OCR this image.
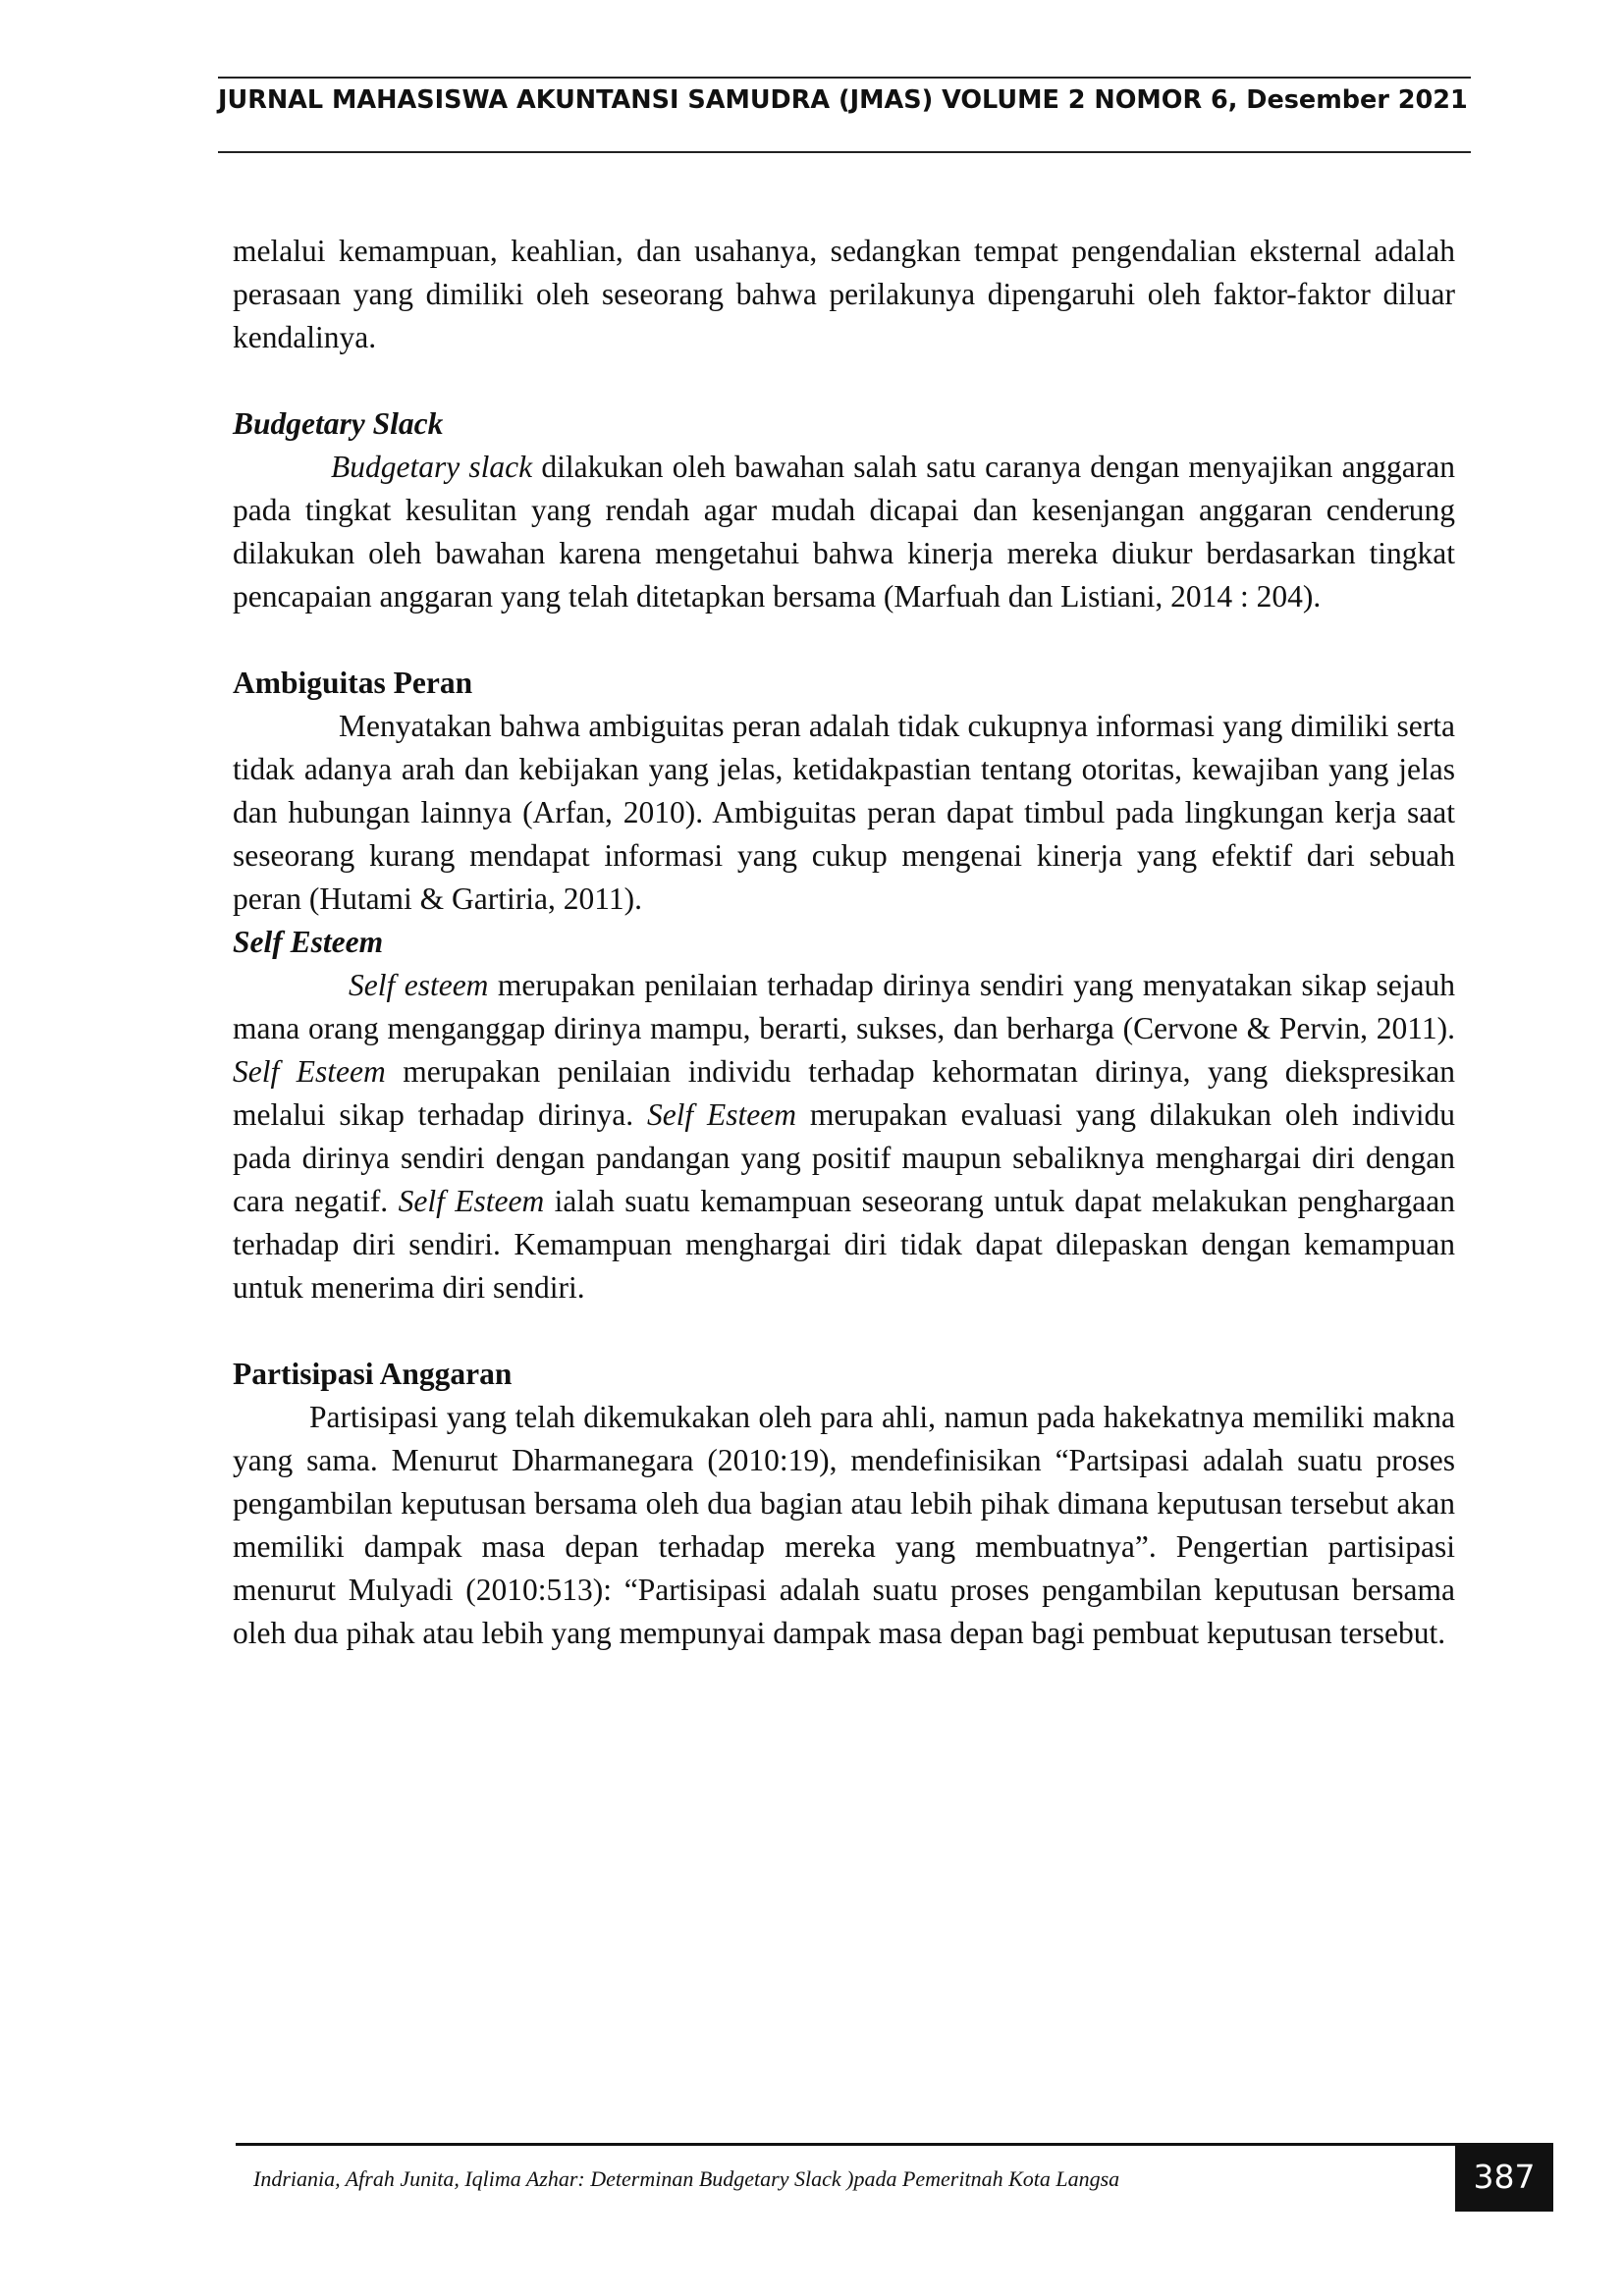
JURNAL MAHASISWA AKUNTANSI SAMUDRA (JMAS) VOLUME 2 NOMOR 6, Desember 2021

melalui kemampuan, keahlian, dan usahanya, sedangkan tempat pengendalian eksternal adalah perasaan yang dimiliki oleh seseorang bahwa perilakunya dipengaruhi oleh faktor-faktor diluar kendalinya.

Budgetary Slack

Budgetary slack dilakukan oleh bawahan salah satu caranya dengan menyajikan anggaran pada tingkat kesulitan yang rendah agar mudah dicapai dan kesenjangan anggaran cenderung dilakukan oleh bawahan karena mengetahui bahwa kinerja mereka diukur berdasarkan tingkat pencapaian anggaran yang telah ditetapkan bersama (Marfuah dan Listiani, 2014 : 204).

Ambiguitas Peran

Menyatakan bahwa ambiguitas peran adalah tidak cukupnya informasi yang dimiliki serta tidak adanya arah dan kebijakan yang jelas, ketidakpastian tentang otoritas, kewajiban yang jelas dan hubungan lainnya (Arfan, 2010). Ambiguitas peran dapat timbul pada lingkungan kerja saat seseorang kurang mendapat informasi yang cukup mengenai kinerja yang efektif dari sebuah peran (Hutami & Gartiria, 2011).

Self Esteem

Self esteem merupakan penilaian terhadap dirinya sendiri yang menyatakan sikap sejauh mana orang menganggap dirinya mampu, berarti, sukses, dan berharga (Cervone & Pervin, 2011). Self Esteem merupakan penilaian individu terhadap kehormatan dirinya, yang diekspresikan melalui sikap terhadap dirinya. Self Esteem merupakan evaluasi yang dilakukan oleh individu pada dirinya sendiri dengan pandangan yang positif maupun sebaliknya menghargai diri dengan cara negatif. Self Esteem ialah suatu kemampuan seseorang untuk dapat melakukan penghargaan terhadap diri sendiri. Kemampuan menghargai diri tidak dapat dilepaskan dengan kemampuan untuk menerima diri sendiri.

Partisipasi Anggaran

Partisipasi yang telah dikemukakan oleh para ahli, namun pada hakekatnya memiliki makna yang sama. Menurut Dharmanegara (2010:19), mendefinisikan “Partsipasi adalah suatu proses pengambilan keputusan bersama oleh dua bagian atau lebih pihak dimana keputusan tersebut akan memiliki dampak masa depan terhadap mereka yang membuatnya”. Pengertian partisipasi menurut Mulyadi (2010:513): “Partisipasi adalah suatu proses pengambilan keputusan bersama oleh dua pihak atau lebih yang mempunyai dampak masa depan bagi pembuat keputusan tersebut.

Indriania, Afrah Junita, Iqlima Azhar: Determinan Budgetary Slack )pada Pemeritnah Kota Langsa	387
